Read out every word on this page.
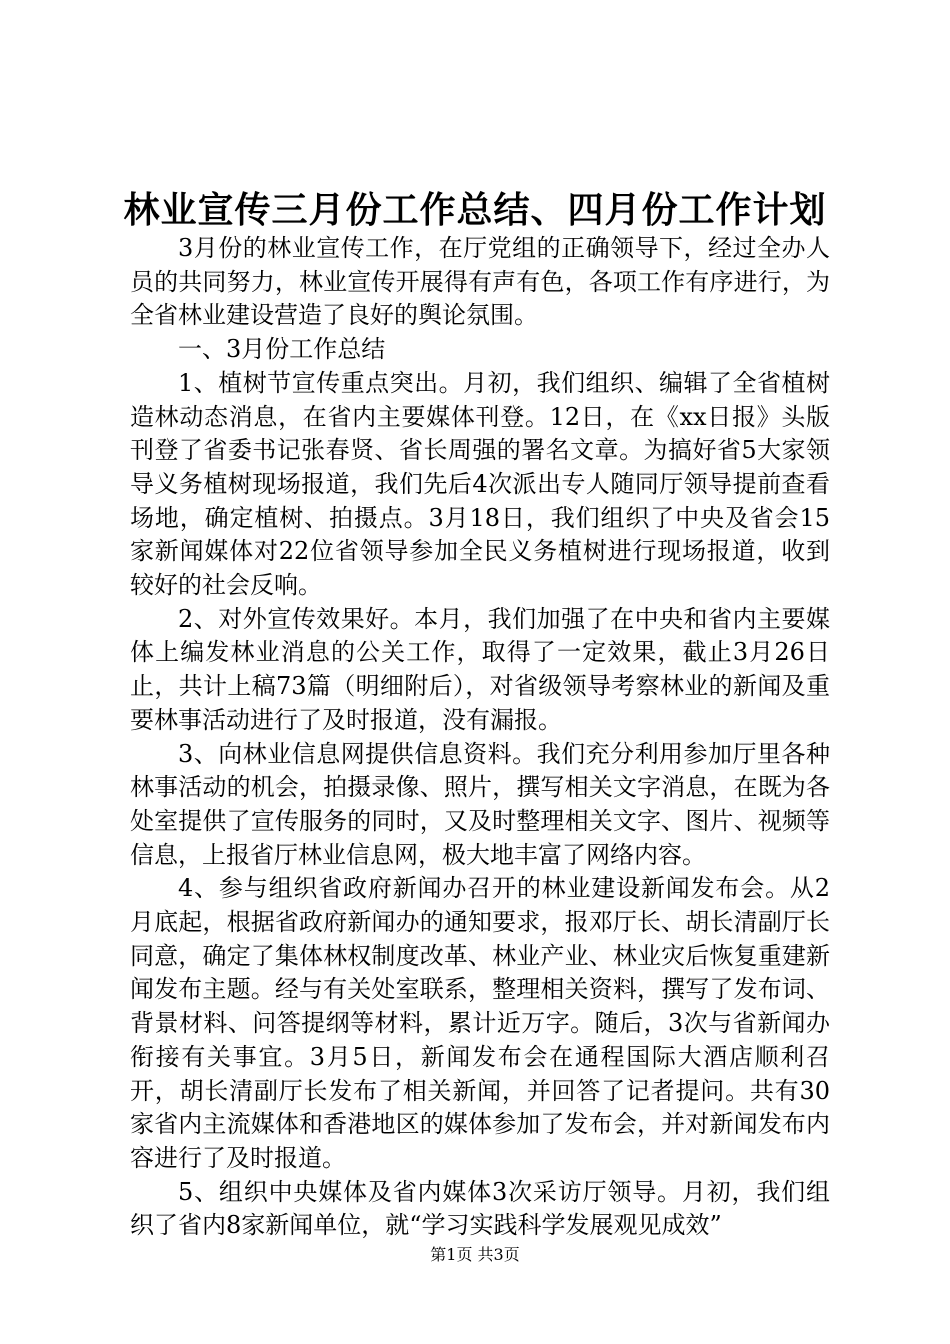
林业宣传三月份工作总结、四月份工作计划

3月份的林业宣传工作，在厅党组的正确领导下，经过全办人员的共同努力，林业宣传开展得有声有色，各项工作有序进行，为全省林业建设营造了良好的舆论氛围。

一、3月份工作总结

1、植树节宣传重点突出。月初，我们组织、编辑了全省植树造林动态消息，在省内主要媒体刊登。12日，在《xx日报》头版刊登了省委书记张春贤、省长周强的署名文章。为搞好省5大家领导义务植树现场报道，我们先后4次派出专人随同厅领导提前查看场地，确定植树、拍摄点。3月18日，我们组织了中央及省会15家新闻媒体对22位省领导参加全民义务植树进行现场报道，收到较好的社会反响。

2、对外宣传效果好。本月，我们加强了在中央和省内主要媒体上编发林业消息的公关工作，取得了一定效果，截止3月26日止，共计上稿73篇（明细附后），对省级领导考察林业的新闻及重要林事活动进行了及时报道，没有漏报。

3、向林业信息网提供信息资料。我们充分利用参加厅里各种林事活动的机会，拍摄录像、照片，撰写相关文字消息，在既为各处室提供了宣传服务的同时，又及时整理相关文字、图片、视频等信息，上报省厅林业信息网，极大地丰富了网络内容。

4、参与组织省政府新闻办召开的林业建设新闻发布会。从2月底起，根据省政府新闻办的通知要求，报邓厅长、胡长清副厅长同意，确定了集体林权制度改革、林业产业、林业灾后恢复重建新闻发布主题。经与有关处室联系，整理相关资料，撰写了发布词、背景材料、问答提纲等材料，累计近万字。随后，3次与省新闻办衔接有关事宜。3月5日，新闻发布会在通程国际大酒店顺利召开，胡长清副厅长发布了相关新闻，并回答了记者提问。共有30家省内主流媒体和香港地区的媒体参加了发布会，并对新闻发布内容进行了及时报道。

5、组织中央媒体及省内媒体3次采访厅领导。月初，我们组织了省内8家新闻单位，就“学习实践科学发展观见成效”

第1页 共3页
